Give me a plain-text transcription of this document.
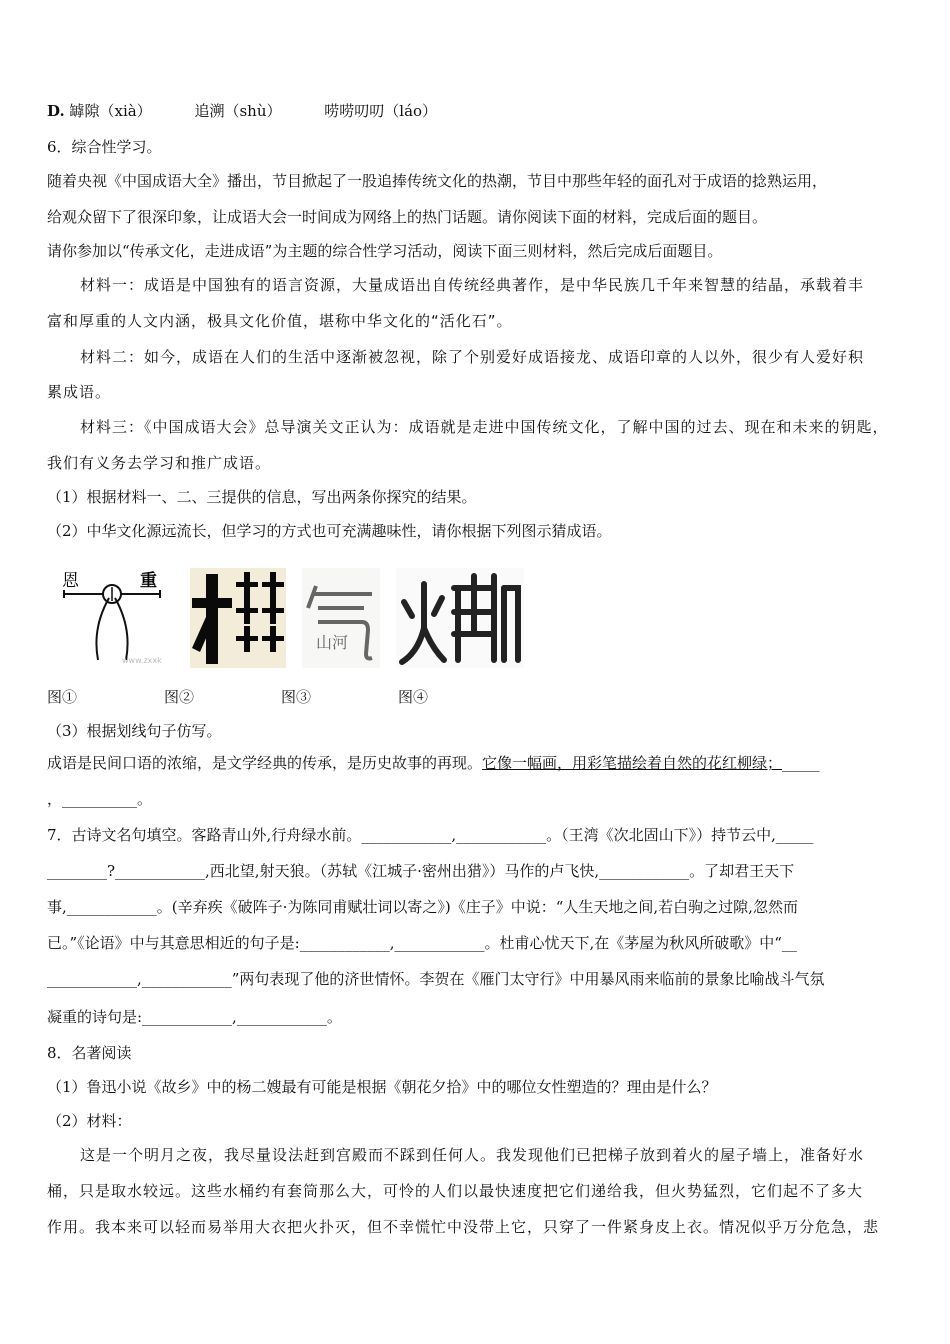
D. 罅隙（xià）	追溯（shù）	唠唠叨叨（láo）
6．综合性学习。
随着央视《中国成语大全》播出，节目掀起了一股追捧传统文化的热潮，节目中那些年轻的面孔对于成语的捻熟运用，
给观众留下了很深印象，让成语大会一时间成为网络上的热门话题。请你阅读下面的材料，完成后面的题目。
请你参加以“传承文化，走进成语”为主题的综合性学习活动，阅读下面三则材料，然后完成后面题目。
材料一：成语是中国独有的语言资源，大量成语出自传统经典著作，是中华民族几千年来智慧的结晶，承载着丰
富和厚重的人文内涵，极具文化价值，堪称中华文化的“活化石”。
材料二：如今，成语在人们的生活中逐渐被忽视，除了个别爱好成语接龙、成语印章的人以外，很少有人爱好积
累成语。
材料三：《中国成语大会》总导演关文正认为：成语就是走进中国传统文化，了解中国的过去、现在和未来的钥匙，
我们有义务去学习和推广成语。
（1）根据材料一、二、三提供的信息，写出两条你探究的结果。
（2）中华文化源远流长，但学习的方式也可充满趣味性，请你根据下列图示猜成语。
恩	重
www.zxxk
山河
图①	图②	图③	图④
（3）根据划线句子仿写。
成语是民间口语的浓缩，是文学经典的传承，是历史故事的再现。它像一幅画，用彩笔描绘着自然的花红柳绿；_____
，__________。
7．古诗文名句填空。客路青山外,行舟绿水前。____________,____________。（王湾《次北固山下》）持节云中,_____
________?____________,西北望,射天狼。（苏轼《江城子·密州出猎》）马作的卢飞快,____________。了却君王天下
事,____________。(辛弃疾《破阵子·为陈同甫赋壮词以寄之》)《庄子》中说：“人生天地之间,若白驹之过隙,忽然而
已。”《论语》中与其意思相近的句子是:____________,____________。杜甫心忧天下,在《茅屋为秋风所破歌》中“__
____________,____________”两句表现了他的济世情怀。李贺在《雁门太守行》中用暴风雨来临前的景象比喻战斗气氛
凝重的诗句是:____________,____________。
8．名著阅读
（1）鲁迅小说《故乡》中的杨二嫂最有可能是根据《朝花夕拾》中的哪位女性塑造的？理由是什么？
（2）材料：
这是一个明月之夜，我尽量设法赶到宫殿而不踩到任何人。我发现他们已把梯子放到着火的屋子墙上，准备好水
桶，只是取水较远。这些水桶约有套筒那么大，可怜的人们以最快速度把它们递给我，但火势猛烈，它们起不了多大
作用。我本来可以轻而易举用大衣把火扑灭，但不幸慌忙中没带上它，只穿了一件紧身皮上衣。情况似乎万分危急，悲
